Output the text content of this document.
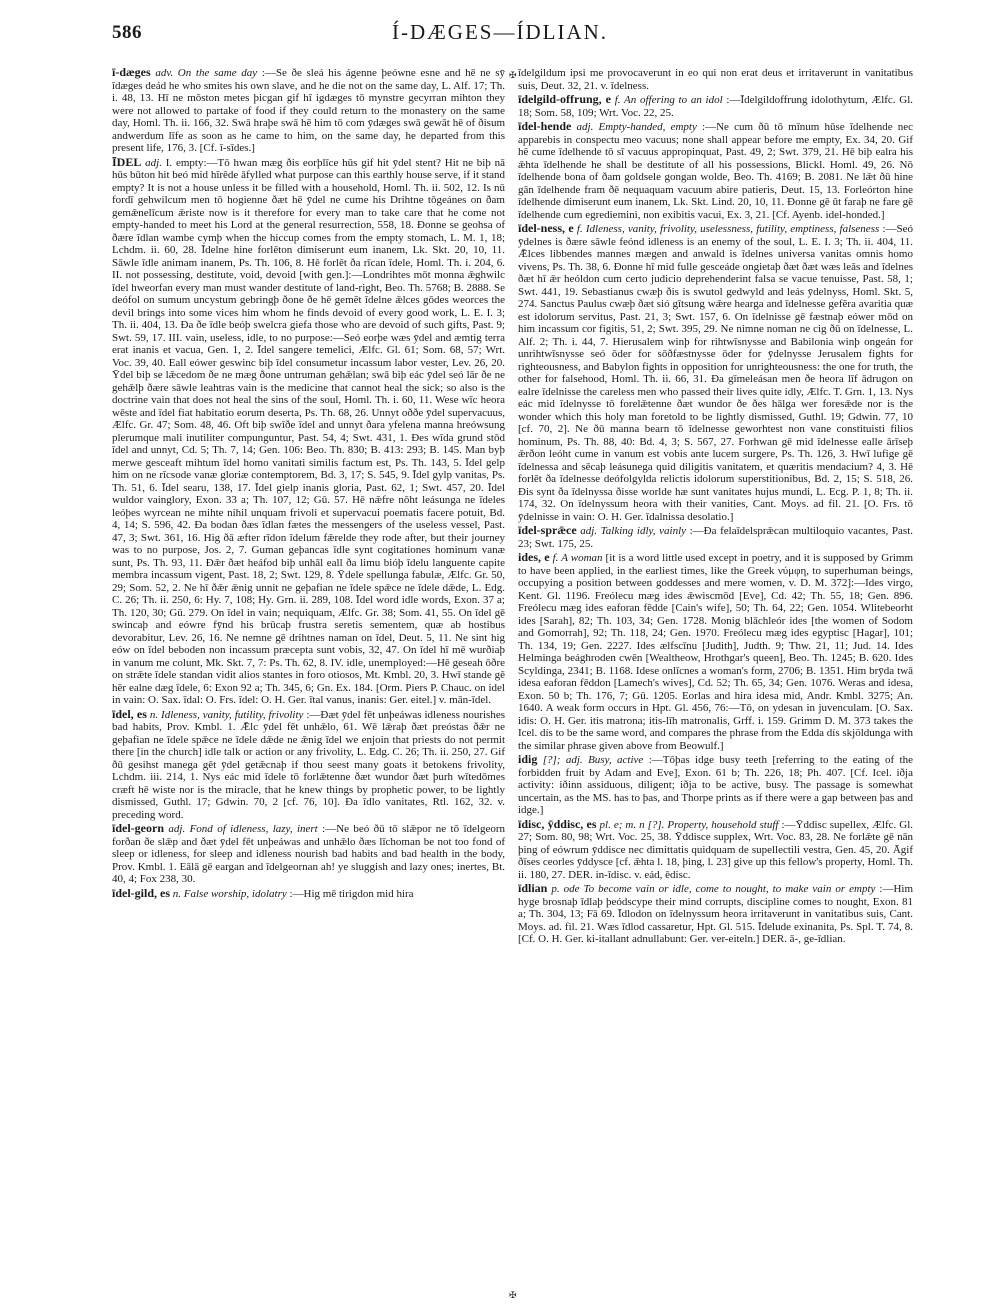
586	Í-DÆGES—ÍDLIAN.

ī-dæges adv. On the same day :—Se ðe sleá his ágenne þeówne esne and hē ne sȳ īdæges deád he who smites his own slave, and he die not on the same day, L. Alf. 17; Th. i. 48, 13. Hī ne mōston metes þicgan gif hī igdæges tō mynstre gecyrran mihton they were not allowed to partake of food if they could return to the monastery on the same day, Homl. Th. ii. 166, 32. Swā hraþe swā hē him tō com ȳdæges swā gewāt hē of ðisum andwerdum līfe as soon as he came to him, on the same day, he departed from this present life, 176, 3. [Cf. ī-sīdes.]

ĪDEL adj. I. empty:—Tō hwan mæg ðis eorþlīce hūs gif hit ȳdel stent? Hit ne biþ nā hūs būton hit beó mid hīrēde āfylled what purpose can this earthly house serve, if it stand empty? It is not a house unless it be filled with a household, Homl. Th. ii. 502, 12. Is nū fordī gehwilcum men tō hogienne ðæt hē ȳdel ne cume his Drihtne tōgeánes on ðam gemǣnelīcum ǣriste now is it therefore for every man to take care that he come not empty-handed to meet his Lord at the general resurrection, 558, 18. Ðonne se geohsa of ðære īdlan wambe cymþ when the hiccup comes from the empty stomach, L. M. 1, 18; Lchdm. ii. 60, 28. Īdelne hine forlēton dimiserunt eum inanem, Lk. Skt. 20, 10, 11. Sāwle īdle animam inanem, Ps. Th. 106, 8. Hē forlēt ða rīcan īdele, Homl. Th. i. 204, 6. II. not possessing, destitute, void, devoid [with gen.]:—Londrihtes mōt monna ǣghwilc īdel hweorfan every man must wander destitute of land-right, Beo. Th. 5768; B. 2888. Se deófol on sumum uncystum gebringþ ðone ðe hē gemēt īdelne ǣlces gōdes weorces the devil brings into some vices him whom he finds devoid of every good work, L. E. I. 3; Th. ii. 404, 13. Ða ðe īdle beóþ swelcra giefa those who are devoid of such gifts, Past. 9; Swt. 59, 17. III. vain, useless, idle, to no purpose:—Seó eorþe wæs ȳdel and æmtig terra erat inanis et vacua, Gen. 1, 2. Īdel sangere temelici, Ælfc. Gl. 61; Som. 68, 57; Wrt. Voc. 39, 40. Eall eówer geswinc biþ īdel consumetur incassum labor vester, Lev. 26, 20. Ȳdel biþ se lǣcedom ðe ne mæg ðone untruman gehǣlan; swā biþ eác ȳdel seó lār ðe ne gehǣlþ ðære sāwle leahtras vain is the medicine that cannot heal the sick; so also is the doctrine vain that does not heal the sins of the soul, Homl. Th. i. 60, 11. Wese wīc heora wēste and īdel fiat habitatio eorum deserta, Ps. Th. 68, 26. Unnyt oððe ȳdel supervacuus, Ælfc. Gr. 47; Som. 48, 46. Oft biþ swīðe īdel and unnyt ðara yfelena manna hreówsung plerumque mali inutiliter compunguntur, Past. 54, 4; Swt. 431, 1. Ðes wīda grund stōd īdel and unnyt, Cd. 5; Th. 7, 14; Gen. 106: Beo. Th. 830; B. 413: 293; B. 145. Man byþ merwe gesceaft mihtum īdel homo vanitati similis factum est, Ps. Th. 143, 5. Īdel gelp him on ne rīcsode vanæ gloriæ contemptorem, Bd. 3, 17; S. 545, 9. Īdel gylp vanitas, Ps. Th. 51, 6. Īdel searu, 138, 17. Īdel gielp inanis gloria, Past. 62, 1; Swt. 457, 20. Īdel wuldor vainglory, Exon. 33 a; Th. 107, 12; Gū. 57. Hē nǣfre nōht leásunga ne īdeles leóþes wyrcean ne mihte nihil unquam frivoli et supervacui poematis facere potuit, Bd. 4, 14; S. 596, 42. Ða bodan ðæs īdlan fætes the messengers of the useless vessel, Past. 47, 3; Swt. 361, 16. Hig ðā æfter rīdon īdelum fǣrelde they rode after, but their journey was to no purpose, Jos. 2, 7. Guman geþancas īdle synt cogitationes hominum vanæ sunt, Ps. Th. 93, 11. Ðǣr ðæt heáfod biþ unhāl eall ða limu bióþ īdelu languente capite membra incassum vigent, Past. 18, 2; Swt. 129, 8. Ȳdele spellunga fabulæ, Ælfc. Gr. 50, 29; Som. 52, 2. Ne hī ðǣr ǣnig unnit ne geþafian ne īdele spǣce ne īdele dǣde, L. Edg. C. 26; Th. ii. 250, 6: Hy. 7, 108; Hy. Grn. ii. 289, 108. Īdel word idle words, Exon. 37 a; Th. 120, 30; Gū. 279. On īdel in vain; nequiquam, Ælfc. Gr. 38; Som. 41, 55. On īdel gē swincaþ and eówre fȳnd his brūcaþ frustra seretis sementem, quæ ab hostibus devorabitur, Lev. 26, 16. Ne nemne gē drihtnes naman on īdel, Deut. 5, 11. Ne sint hig eów on īdel beboden non incassum præcepta sunt vobis, 32, 47. On īdel hī mē wurðiaþ in vanum me colunt, Mk. Skt. 7, 7: Ps. Th. 62, 8. IV. idle, unemployed:—Hē geseah ōðre on strǣte īdele standan vidit alios stantes in foro otiosos, Mt. Kmbl. 20, 3. Hwī stande gē hēr ealne dæg īdele, 6: Exon 92 a; Th. 345, 6; Gn. Ex. 184. [Orm. Piers P. Chauc. on idel in vain: O. Sax. īdal: O. Frs. īdel: O. H. Ger. ītal vanus, inanis: Ger. eitel.] v. mān-īdel.

īdel, es n. Idleness, vanity, futility, frivolity :—Ðæt ȳdel fēt unþeáwas idleness nourishes bad habits, Prov. Kmbl. 1. Ǣlc ȳdel fēt unhǣlo, 61. Wē lǣraþ ðæt preóstas ðǣr ne geþafian ne īdele spǣce ne īdele dǣde ne ǣnig īdel we enjoin that priests do not permit there [in the church] idle talk or action or any frivolity, L. Edg. C. 26; Th. ii. 250, 27. Gif ðū gesihst manega gēt ȳdel getǣcnaþ if thou seest many goats it betokens frivolity, Lchdm. iii. 214, 1. Nys eác mid īdele tō forlǣtenne ðæt wundor ðæt þurh wītedōmes cræft hē wiste nor is the miracle, that he knew things by prophetic power, to be lightly dismissed, Guthl. 17; Gdwin. 70, 2 [cf. 76, 10]. Ða īdlo vanitates, Rtl. 162, 32. v. preceding word.

īdel-georn adj. Fond of idleness, lazy, inert :—Ne beó ðū tō slǣpor ne tō īdelgeorn forðan ðe slǣp and ðæt ȳdel fēt unþeáwas and unhǣlo ðæs līchoman be not too fond of sleep or idleness, for sleep and idleness nourish bad habits and bad health in the body, Prov. Kmbl. 1. Eālā gē eargan and īdelgeornan ah! ye sluggish and lazy ones; inertes, Bt. 40, 4; Fox 238, 30.

īdel-gild, es n. False worship, idolatry :—Hig mē tirigdon mid hira

īdelgildum ipsi me provocaverunt in eo qui non erat deus et irritaverunt in vanitatibus suis, Deut. 32, 21. v. īdelness.

īdelgild-offrung, e f. An offering to an idol :—Īdelgildoffrung idolothytum, Ælfc. Gl. 18; Som. 58, 109; Wrt. Voc. 22, 25.

īdel-hende adj. Empty-handed, empty :—Ne cum ðū tō mīnum hūse īdelhende nec apparebis in conspectu meo vacuus; none shall appear before me empty, Ex. 34, 20. Gif hē cume īdelhende tō sī vacuus appropinquat, Past. 49, 2; Swt. 379, 21. Hē biþ ealra his ǣhta īdelhende he shall be destitute of all his possessions, Blickl. Homl. 49, 26. Nō īdelhende bona of ðam goldsele gongan wolde, Beo. Th. 4169; B. 2081. Ne lǣt ðū hine gān īdelhende fram ðē nequaquam vacuum abire patieris, Deut. 15, 13. Forleórton hine īdelhende dimiserunt eum inanem, Lk. Skt. Lind. 20, 10, 11. Ðonne gē ūt faraþ ne fare gē īdelhende cum egrediemini, non exibitis vacui, Ex. 3, 21. [Cf. Ayenb. idel-honded.]

īdel-ness, e f. Idleness, vanity, frivolity, uselessness, futility, emptiness, falseness :—Seó ȳdelnes is ðære sāwle feónd idleness is an enemy of the soul, L. E. I. 3; Th. ii. 404, 11. Ǣlces libbendes mannes mægen and anwald is īdelnes universa vanitas omnis homo vivens, Ps. Th. 38, 6. Ðonne hī mid fulle gesceáde ongietaþ ðæt ðæt wæs leās and īdelnes ðæt hī ǣr heóldon cum certo judicio deprehenderint falsa se vacue tenuisse, Past. 58, 1; Swt. 441, 19. Sebastianus cwæþ ðis is swutol gedwyld and leás ȳdelnyss, Homl. Skt. 5, 274. Sanctus Paulus cwæþ ðæt sió gītsung wǣre hearga and īdelnesse gefēra avaritia quæ est idolorum servitus, Past. 21, 3; Swt. 157, 6. On īdelnisse gē fæstnaþ eówer mōd on him incassum cor figitis, 51, 2; Swt. 395, 29. Ne nimne noman ne cig ðū on īdelnesse, L. Alf. 2; Th. i. 44, 7. Hierusalem winþ for rihtwīsnysse and Babilonia winþ ongeán for unrihtwīsnysse seó ōder for sōðfæstnysse ōder for ȳdelnysse Jerusalem fights for righteousness, and Babylon fights in opposition for unrighteousness: the one for truth, the other for falsehood, Homl. Th. ii. 66, 31. Ða gīmeleásan men ðe heora līf ādrugon on ealre īdelnisse the careless men who passed their lives quite idly, Ælfc. T. Grn. 1, 13. Nys eác mid īdelnysse tō forelǣtenne ðæt wundor ðe ðes hālga wer foresǣde nor is the wonder which this holy man foretold to be lightly dismissed, Guthl. 19; Gdwin. 77, 10 [cf. 70, 2]. Ne ðū manna bearn tō īdelnesse geworhtest non vane constituisti filios hominum, Ps. Th. 88, 40: Bd. 4, 3; S. 567, 27. Forhwan gē mid īdelnesse ealle ārīseþ ǣrðon leóht cume in vanum est vobis ante lucem surgere, Ps. Th. 126, 3. Hwī lufige gē īdelnessa and sēcaþ leásunega quid diligitis vanitatem, et quæritis mendacium? 4, 3. Hē forlēt ða īdelnesse deófolgylda relictis idolorum superstitionibus, Bd. 2, 15; S. 518, 26. Ðis synt ða īdelnyssa ðisse worlde hæ sunt vanitates hujus mundi, L. Ecg. P. 1, 8; Th. ii. 174, 32. On īdelnyssum heora with their vanities, Cant. Moys. ad fil. 21. [O. Frs. tō ȳdelnisse in vain: O. H. Ger. īdalnissa desolatio.]

īdel-sprǣce adj. Talking idly, vainly :—Ða felaīdelsprǣcan multiloquio vacantes, Past. 23; Swt. 175, 25.

ides, e f. A woman [it is a word little used except in poetry, and it is supposed by Grimm to have been applied, in the earliest times, like the Greek νύμφη, to superhuman beings, occupying a position between goddesses and mere women, v. D. M. 372]:—Ides virgo, Kent. Gl. 1196. Freólecu mæg ides ǣwiscmōd [Eve], Cd. 42; Th. 55, 18; Gen. 896. Freólecu mæg ides eaforan fēdde [Cain's wife], 50; Th. 64, 22; Gen. 1054. Wlitebeorht ides [Sarah], 82; Th. 103, 34; Gen. 1728. Monig blāchleór ides [the women of Sodom and Gomorrah], 92; Th. 118, 24; Gen. 1970. Freólecu mæg ides egyptisc [Hagar], 101; Th. 134, 19; Gen. 2227. Ides ælfscīnu [Judith], Judth. 9; Thw. 21, 11; Jud. 14. Ides Helminga beághroden cwēn [Wealtheow, Hrothgar's queen], Beo. Th. 1245; B. 620. Ides Scyldinga, 2341; B. 1168. Idese onlīcnes a woman's form, 2706; B. 1351. Him brȳda twā idesa eaforan fēddon [Lamech's wives], Cd. 52; Th. 65, 34; Gen. 1076. Weras and idesa, Exon. 50 b; Th. 176, 7; Gū. 1205. Eorlas and hira idesa mid, Andr. Kmbl. 3275; An. 1640. A weak form occurs in Hpt. Gl. 456, 76:—Tō, on ydesan in juvenculam. [O. Sax. idis: O. H. Ger. itis matrona; itis-līh matronalis, Grff. i. 159. Grimm D. M. 373 takes the Icel. dís to be the same word, and compares the phrase from the Edda dís skjöldunga with the similar phrase given above from Beowulf.]

idig [?]; adj. Busy, active :—Tōþas idge busy teeth [referring to the eating of the forbidden fruit by Adam and Eve], Exon. 61 b; Th. 226, 18; Ph. 407. [Cf. Icel. iðja activity: iðinn assiduous, diligent; iðja to be active, busy. The passage is somewhat uncertain, as the MS. has to þas, and Thorpe prints as if there were a gap between þas and idge.]

īdisc, ȳddisc, es pl. e; m. n [?]. Property, household stuff :—Ȳddisc supellex, Ælfc. Gl. 27; Som. 80, 98; Wrt. Voc. 25, 38. Ȳddisce supplex, Wrt. Voc. 83, 28. Ne forlǣte gē nān þing of eówrum ȳddisce nec dimittatis quidquam de supellectili vestra, Gen. 45, 20. Āgif ðīses ceorles ȳddysce [cf. ǣhta l. 18, þing, l. 23] give up this fellow's property, Homl. Th. ii. 180, 27. DER. in-īdisc. v. eád, ēdisc.

īdlian p. ode To become vain or idle, come to nought, to make vain or empty :—Him hyge brosnaþ īdlaþ þeódscype their mind corrupts, discipline comes to nought, Exon. 81 a; Th. 304, 13; Fā 69. Īdlodon on īdelnyssum heora irritaverunt in vanitatibus suis, Cant. Moys. ad. fil. 21. Wæs īdlod cassaretur, Hpt. Gl. 515. Īdelude exinanita, Ps. Spl. T. 74, 8. [Cf. O. H. Ger. ki-itallant adnullabunt: Ger. ver-eiteln.] DER. ā-, ge-īdlian.

✠
✠
